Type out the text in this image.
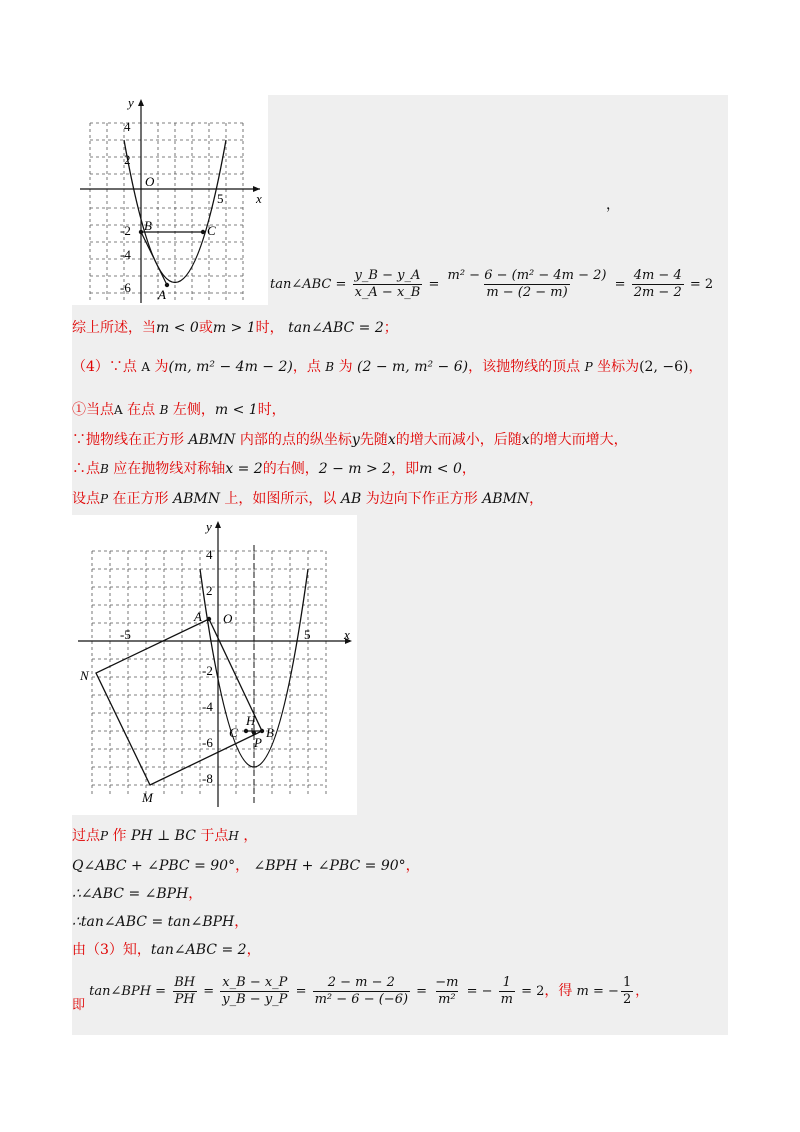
x
y
O
5
4
2
-2
-4
-6
B	C
A
，
tan∠ABC = $\frac{y\_B - y\_A}{x\_A - x\_B} = \frac{\text{m² − 6 − (m² − 4m − 2)}}{m - (2 - m)} = \frac{4m - 4}{2m - 2} = 2$
综上所述，当m < 0或m > 1时， tan∠ABC = 2；
（4）∵点 A 为(m, m² − 4m − 2)，点 B 为 (2 − m, m² − 6)，该抛物线的顶点 P 坐标为(2, −6)，
①当点A 在点 B 左侧，m < 1时，
∵抛物线在正方形 ABMN 内部的点的纵坐标y先随x的增大而减小，后随x的增大而增大，
∴点B 应在抛物线对称轴x = 2的右侧，2 − m > 2，即m < 0，
设点P 在正方形 ABMN 上，如图所示，以 AB 为边向下作正方形 ABMN，
x
y
O
-5	5
4
2
-2
-4
-6
-8
A
B
C
H
P
M
N
过点P 作 PH ⊥ BC 于点H ，
Q∠ABC + ∠PBC = 90°， ∠BPH + ∠PBC = 90°，
∴∠ABC = ∠BPH，
∴tan∠ABC = tan∠BPH，
由（3）知，tan∠ABC = 2，
即 tan∠BPH = $\frac{BH}{PH} = \frac{x\_B - x\_P}{y\_B - y\_P} = \frac{2 - m - 2}{\text{m² − 6 − (−6)}} = \frac{-m}{\text{m²}}$ = − $\frac{1}{m} = 2$，得 m = − $\frac{1}{2}$ ，
